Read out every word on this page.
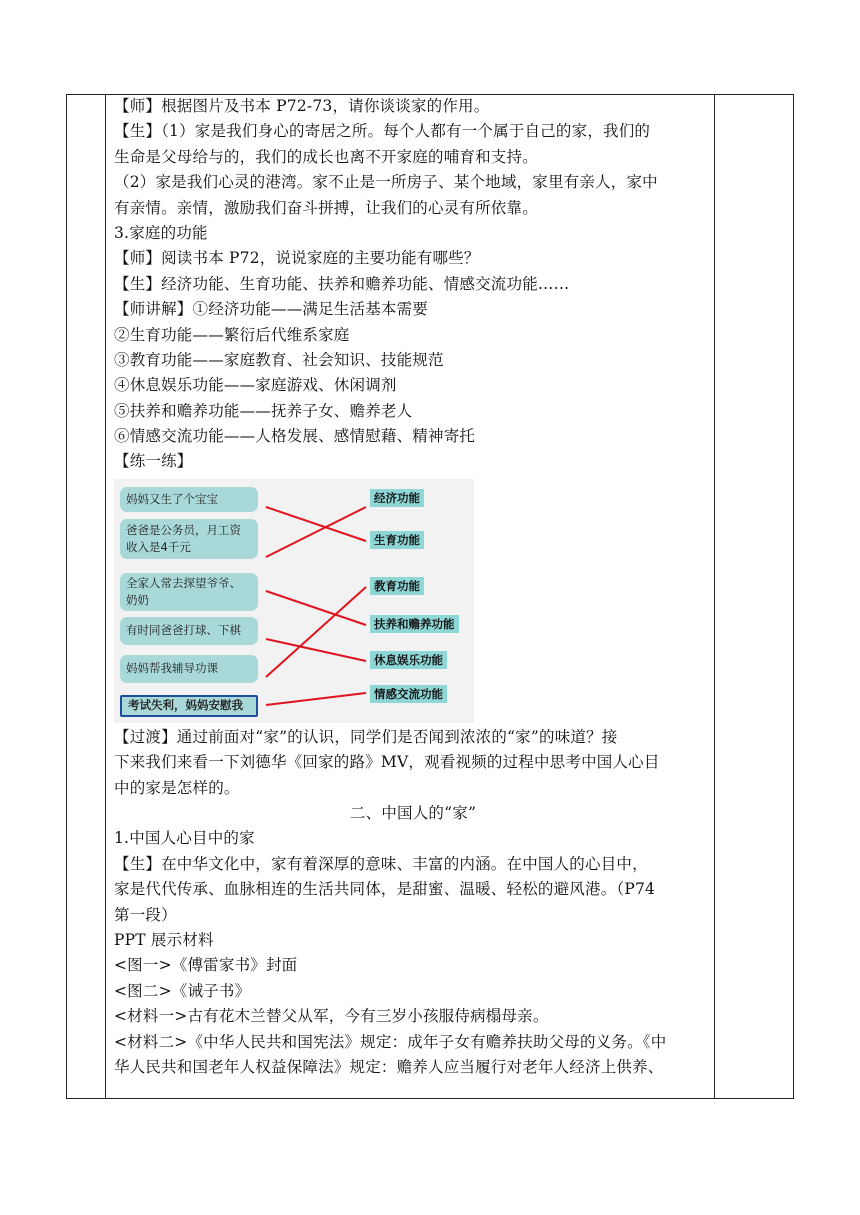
【师】根据图片及书本 P72-73，请你谈谈家的作用。
【生】（1）家是我们身心的寄居之所。每个人都有一个属于自己的家，我们的
生命是父母给与的，我们的成长也离不开家庭的哺育和支持。
（2）家是我们心灵的港湾。家不止是一所房子、某个地域，家里有亲人，家中
有亲情。亲情，激励我们奋斗拼搏，让我们的心灵有所依靠。
3.家庭的功能
【师】阅读书本 P72，说说家庭的主要功能有哪些？
【生】经济功能、生育功能、扶养和赡养功能、情感交流功能……
【师讲解】①经济功能——满足生活基本需要
②生育功能——繁衍后代维系家庭
③教育功能——家庭教育、社会知识、技能规范
④休息娱乐功能——家庭游戏、休闲调剂
⑤扶养和赡养功能——抚养子女、赡养老人
⑥情感交流功能——人格发展、感情慰藉、精神寄托
【练一练】
妈妈又生了个宝宝
爸爸是公务员，月工资收入是4千元
全家人常去探望爷爷、 奶奶
有时同爸爸打球、下棋
妈妈帮我辅导功课
考试失利，妈妈安慰我
经济功能
生育功能
教育功能
扶养和赡养功能
休息娱乐功能
情感交流功能
【过渡】通过前面对“家”的认识，同学们是否闻到浓浓的“家”的味道？接
下来我们来看一下刘德华《回家的路》MV，观看视频的过程中思考中国人心目
中的家是怎样的。
二、中国人的“家”
1.中国人心目中的家
【生】在中华文化中，家有着深厚的意味、丰富的内涵。在中国人的心目中，
家是代代传承、血脉相连的生活共同体，是甜蜜、温暖、轻松的避风港。（P74
第一段）
PPT 展示材料
<图一>《傅雷家书》封面
<图二>《诫子书》
<材料一>古有花木兰替父从军，今有三岁小孩服侍病榻母亲。
<材料二>《中华人民共和国宪法》规定：成年子女有赡养扶助父母的义务。《中
华人民共和国老年人权益保障法》规定：赡养人应当履行对老年人经济上供养、
